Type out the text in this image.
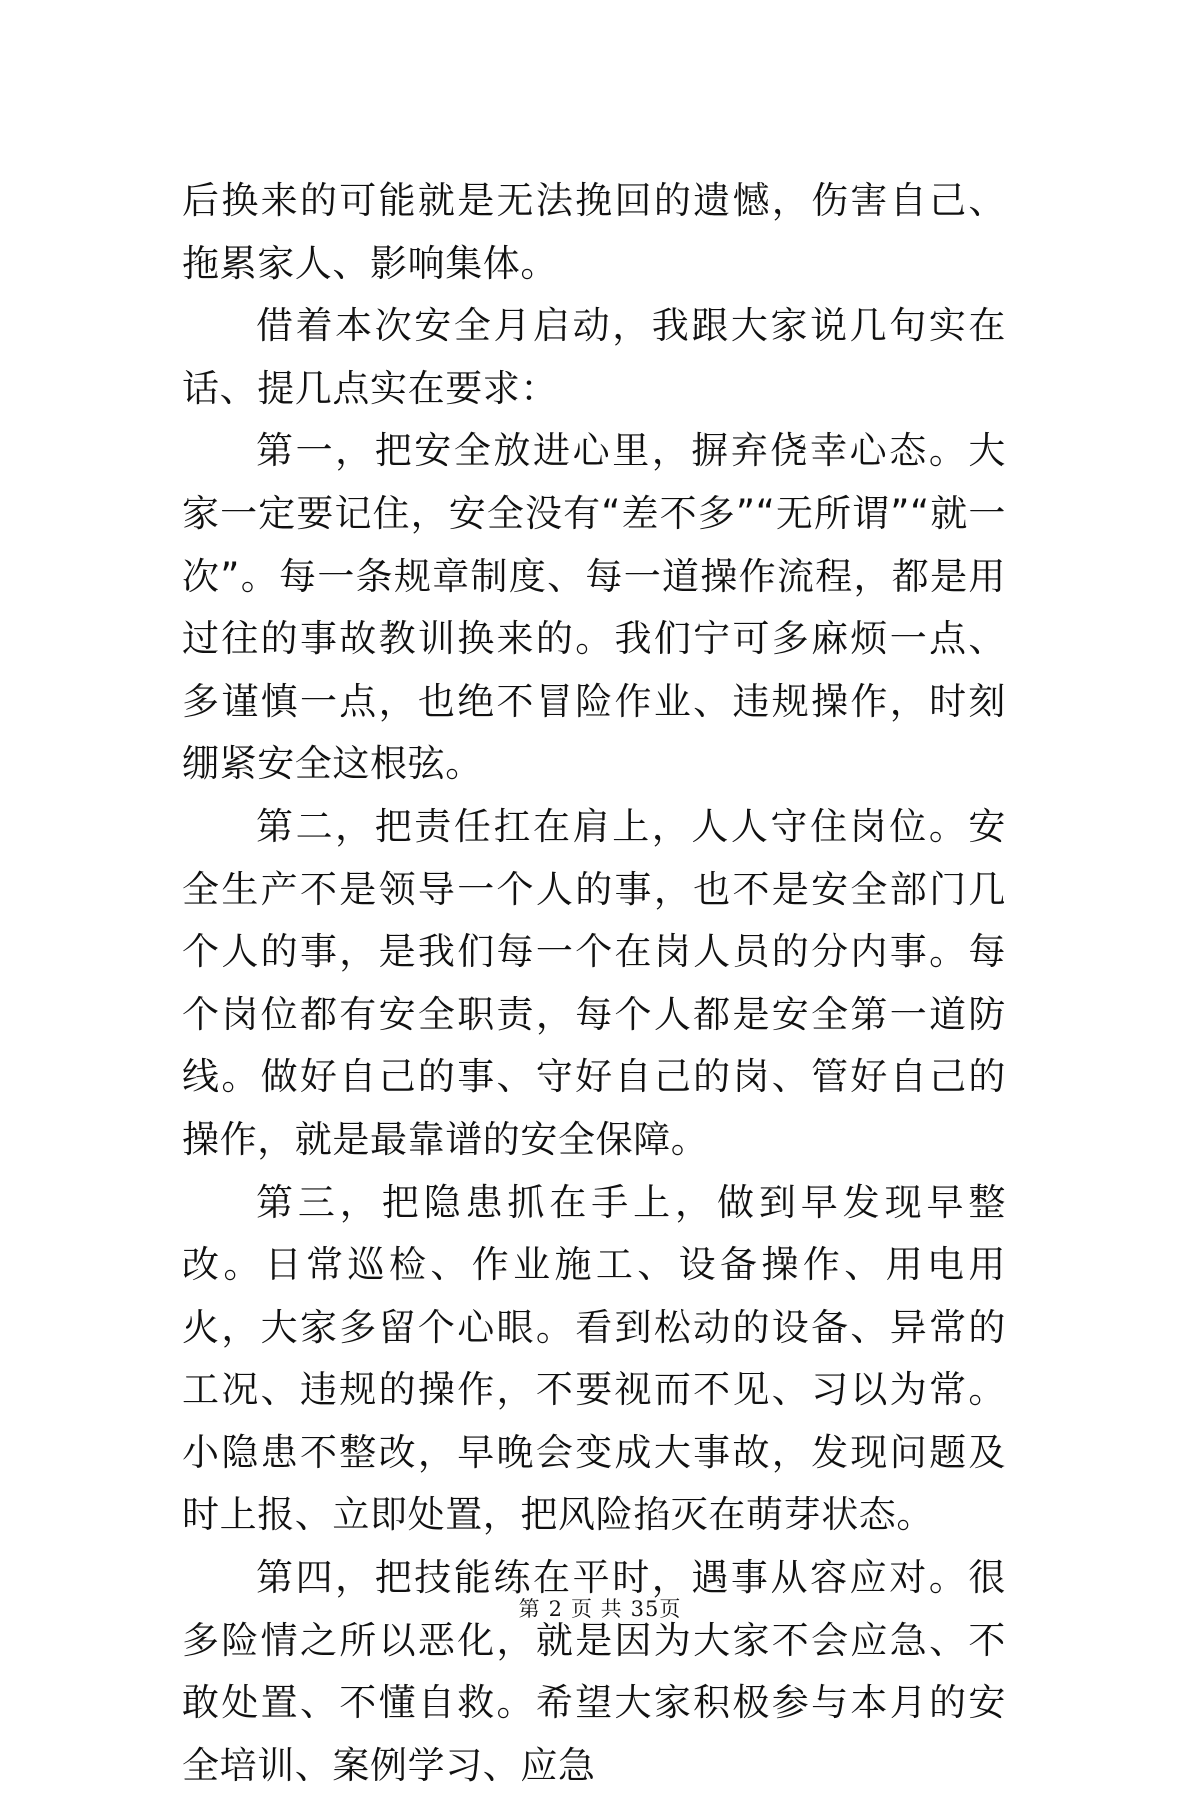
后换来的可能就是无法挽回的遗憾，伤害自己、拖累家人、影响集体。

借着本次安全月启动，我跟大家说几句实在话、提几点实在要求：

第一，把安全放进心里，摒弃侥幸心态。大家一定要记住，安全没有“差不多”“无所谓”“就一次”。每一条规章制度、每一道操作流程，都是用过往的事故教训换来的。我们宁可多麻烦一点、多谨慎一点，也绝不冒险作业、违规操作，时刻绷紧安全这根弦。

第二，把责任扛在肩上，人人守住岗位。安全生产不是领导一个人的事，也不是安全部门几个人的事，是我们每一个在岗人员的分内事。每个岗位都有安全职责，每个人都是安全第一道防线。做好自己的事、守好自己的岗、管好自己的操作，就是最靠谱的安全保障。

第三，把隐患抓在手上，做到早发现早整改。日常巡检、作业施工、设备操作、用电用火，大家多留个心眼。看到松动的设备、异常的工况、违规的操作，不要视而不见、习以为常。小隐患不整改，早晚会变成大事故，发现问题及时上报、立即处置，把风险掐灭在萌芽状态。

第四，把技能练在平时，遇事从容应对。很多险情之所以恶化，就是因为大家不会应急、不敢处置、不懂自救。希望大家积极参与本月的安全培训、案例学习、应急

第 2 页 共 35页
